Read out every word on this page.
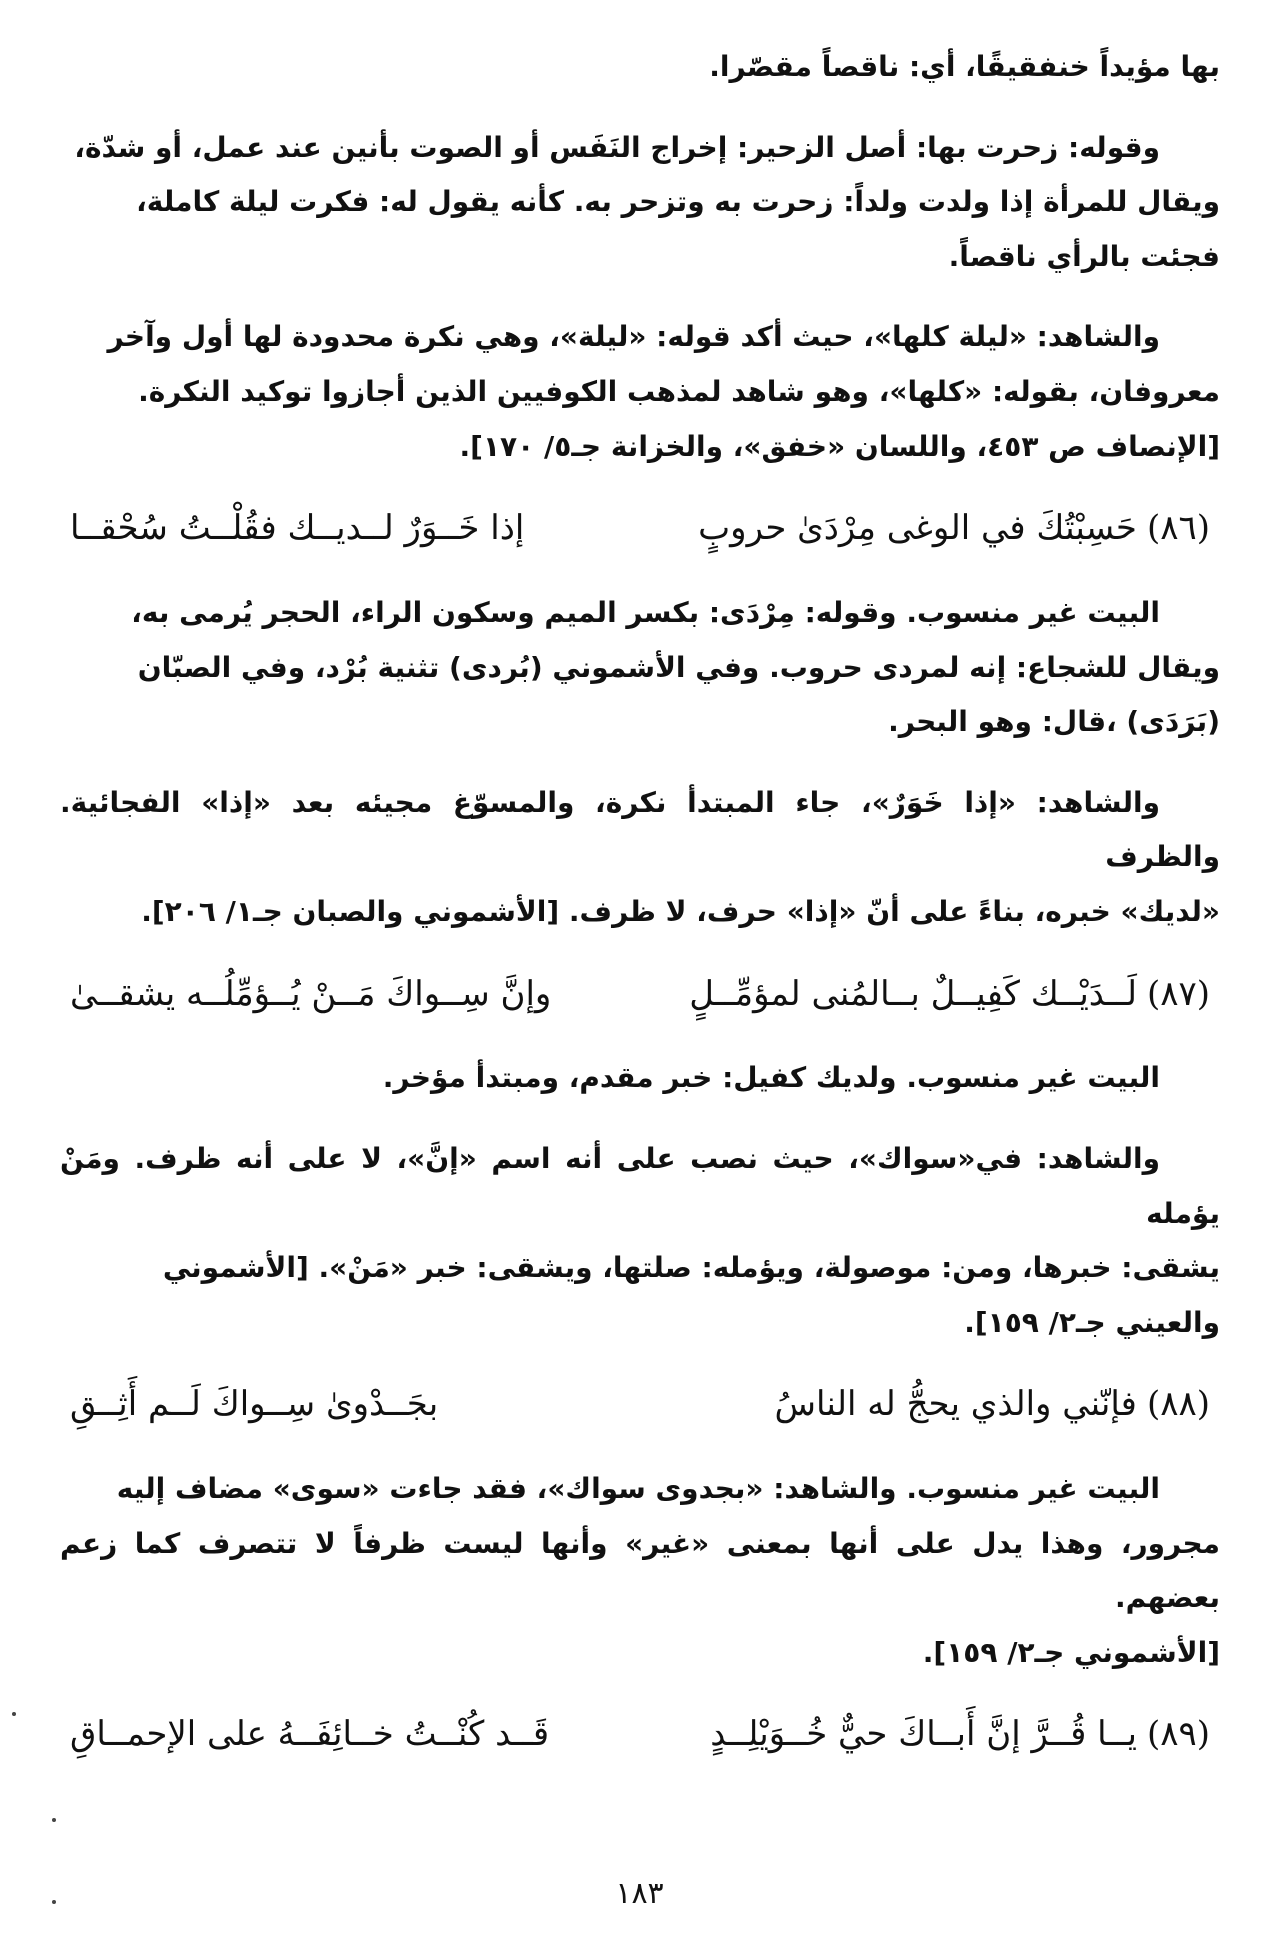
بها مؤيداً خنفقيقًا، أي: ناقصاً مقصّرا.

وقوله: زحرت بها: أصل الزحير: إخراج النَفَس أو الصوت بأنين عند عمل، أو شدّة،

ويقال للمرأة إذا ولدت ولداً: زحرت به وتزحر به. كأنه يقول له: فكرت ليلة كاملة،

فجئت بالرأي ناقصاً.

والشاهد: «ليلة كلها»، حيث أكد قوله: «ليلة»، وهي نكرة محدودة لها أول وآخر

معروفان، بقوله: «كلها»، وهو شاهد لمذهب الكوفيين الذين أجازوا توكيد النكرة.

[الإنصاف ص ٤٥٣، واللسان «خفق»، والخزانة جـ٥/ ١٧٠].

(٨٦)
حَسِبْتُكَ في الوغى مِرْدَىٰ حروبٍ
إذا خَــوَرٌ لــديــك فقُلْــتُ سُحْقــا

البيت غير منسوب. وقوله: مِرْدَى: بكسر الميم وسكون الراء، الحجر يُرمى به،

ويقال للشجاع: إنه لمردى حروب. وفي الأشموني (بُردى) تثنية بُرْد، وفي الصبّان

(بَرَدَى) ،قال: وهو البحر.

والشاهد: «إذا خَوَرٌ»، جاء المبتدأ نكرة، والمسوّغ مجيئه بعد «إذا» الفجائية. والظرف

«لديك» خبره، بناءً على أنّ «إذا» حرف، لا ظرف. [الأشموني والصبان جـ١/ ٢٠٦].

(٨٧)
لَــدَيْــك كَفِيــلٌ بــالمُنى لمؤمِّــلٍ
وإنَّ سِــواكَ مَــنْ يُــؤمِّلُــه يشقــىٰ

البيت غير منسوب. ولديك كفيل: خبر مقدم، ومبتدأ مؤخر.

والشاهد: في«سواك»، حيث نصب على أنه اسم «إنَّ»، لا على أنه ظرف. ومَنْ يؤمله

يشقى: خبرها، ومن: موصولة، ويؤمله: صلتها، ويشقى: خبر «مَنْ». [الأشموني

والعيني جـ٢/ ١٥٩].

(٨٨)
فإنّني والذي يحجُّ له الناسُ
بجَــدْوىٰ سِــواكَ لَــم أَثِــقِ

البيت غير منسوب. والشاهد: «بجدوى سواك»، فقد جاءت «سوى» مضاف إليه

مجرور، وهذا يدل على أنها بمعنى «غير» وأنها ليست ظرفاً لا تتصرف كما زعم بعضهم.

[الأشموني جـ٢/ ١٥٩].

(٨٩)
يــا قُــرَّ إنَّ أَبــاكَ حيٌّ خُــوَيْلِــدٍ
قَــد كُنْــتُ خــائِفَــهُ على الإحمــاقِ
١٨٣
